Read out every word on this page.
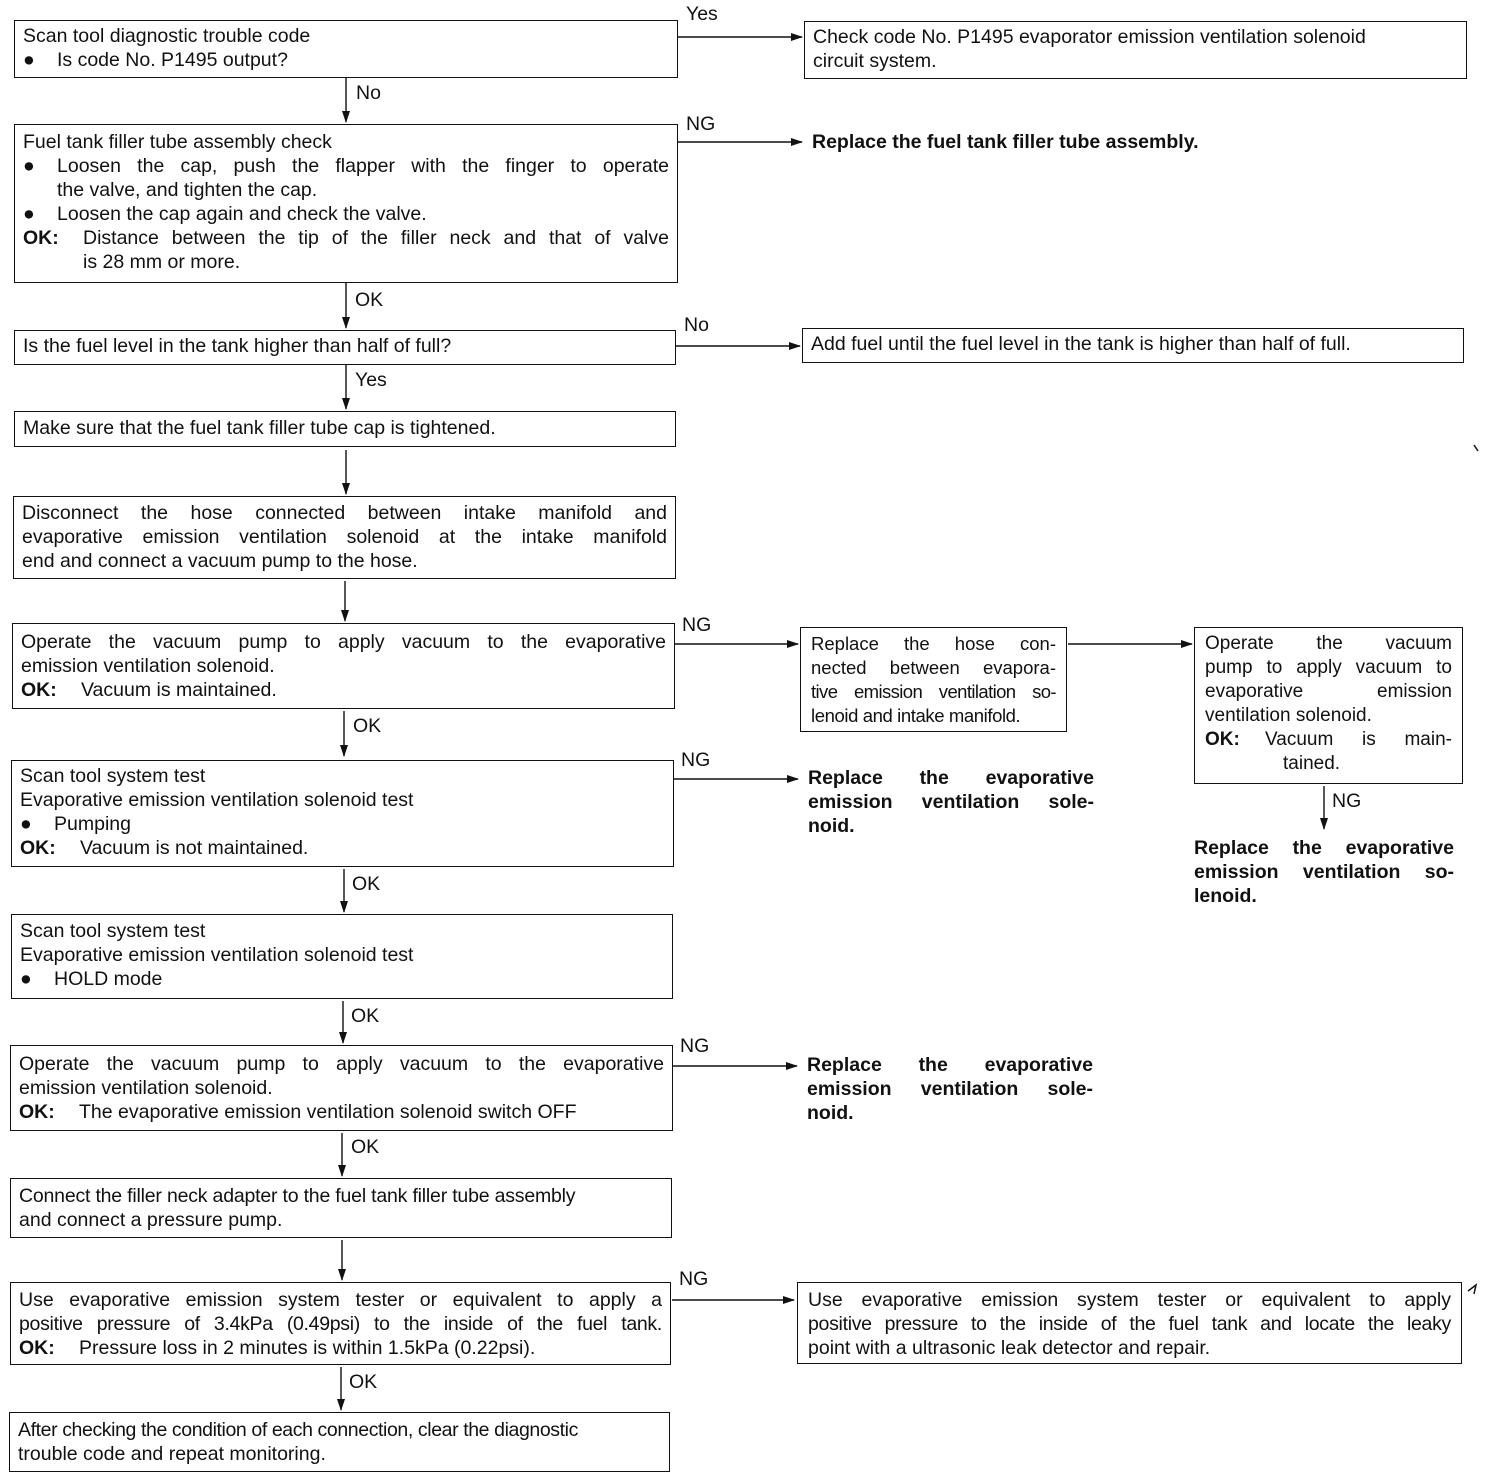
Scan tool diagnostic trouble code
●	Is code No. P1495 output?
Yes
Check code No. P1495 evaporator emission ventilation solenoid
circuit system.
No
Fuel tank filler tube assembly check
●	Loosen the cap, push the flapper with the finger to operate
the valve, and tighten the cap.
●	Loosen the cap again and check the valve.
OK:	Distance between the tip of the filler neck and that of valve
is 28 mm or more.
NG
Replace the fuel tank filler tube assembly.
OK
Is the fuel level in the tank higher than half of full?
No
Add fuel until the fuel level in the tank is higher than half of full.
Yes
Make sure that the fuel tank filler tube cap is tightened.
Disconnect the hose connected between intake manifold and
evaporative emission ventilation solenoid at the intake manifold
end and connect a vacuum pump to the hose.
Operate the vacuum pump to apply vacuum to the evaporative
emission ventilation solenoid.
OK:	Vacuum is maintained.
NG
Replace the hose con-
nected between evapora-
tive emission ventilation so-
lenoid and intake manifold.
Operate the vacuum
pump to apply vacuum to
evaporative emission
ventilation solenoid.
OK:	Vacuum is main-
tained.
NG
Replace the evaporative
emission ventilation so-
lenoid.
OK
Scan tool system test
Evaporative emission ventilation solenoid test
●	Pumping
OK:	Vacuum is not maintained.
NG
Replace the evaporative
emission ventilation sole-
noid.
OK
Scan tool system test
Evaporative emission ventilation solenoid test
●	HOLD mode
OK
Operate the vacuum pump to apply vacuum to the evaporative
emission ventilation solenoid.
OK:	The evaporative emission ventilation solenoid switch OFF
NG
Replace the evaporative
emission ventilation sole-
noid.
OK
Connect the filler neck adapter to the fuel tank filler tube assembly
and connect a pressure pump.
Use evaporative emission system tester or equivalent to apply a
positive pressure of 3.4kPa (0.49psi) to the inside of the fuel tank.
OK:	Pressure loss in 2 minutes is within 1.5kPa (0.22psi).
NG
Use evaporative emission system tester or equivalent to apply
positive pressure to the inside of the fuel tank and locate the leaky
point with a ultrasonic leak detector and repair.
OK
After checking the condition of each connection, clear the diagnostic
trouble code and repeat monitoring.
